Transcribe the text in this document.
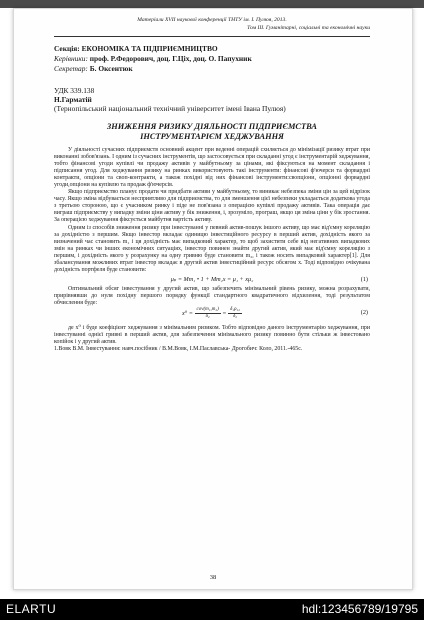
Матеріали XVII наукової конференції ТНТУ ім. І. Пулюя, 2013.
Том ІІІ. Гуманітарні, соціальні та економічні науки
Секція: ЕКОНОМІКА ТА ПІДПРИЄМНИЦТВО
Керівники: проф. Р.Федорович, доц. Г.Ціх, доц. О. Папухник
Секретар: Б. Оксентюк
УДК 339.138
Н.Гарматій
(Тернопільський національний технічний університет імені Івана Пулюя)
ЗНИЖЕННЯ РИЗИКУ ДІЯЛЬНОСТІ ПІДПРИЄМСТВА
ІНСТРУМЕНТАРІЄМ ХЕДЖУВАННЯ

У діяльності сучасних підприємств основний акцент при веденні операцій схиляється до мінімізації ризику втрат при виконанні зобов'язань. І одним із сучасних інструментів, що застосовується при складанні угод є інструментарій хеджування, тобто фінансові угоди купівлі чи продажу активів у майбутньому за цінами, які фіксуються на момент складання і підписання угод. Для хеджування ризику на ринках використовують такі інструменти: фінансові ф'ючерси та форвардні контракти, опціони та своп-контракти, а також похідні від них фінансові інструменти:свопціони, опціонні форвардні угоди,опціони на купівлю та продаж ф'ючерсів.

Якщо підприємство планує продати чи придбати активи у майбутньому, то виникає небезпека зміни цін за цей відрізок часу. Якщо зміна відбувається несприятливо для підприємства, то для зменшення цієї небезпеки укладається додаткова угода з третьою стороною, що є учасником ринку і піде не пов'язана з операцією купівлі продажу активів. Така операція дає виграш підприємству у випадку зміни ціни активу у бік зниження, і, зрозуміло, програш, якщо ця зміна ціни у бік зростання. За операцією хеджування фіксується майбутня вартість активу.

Одним із способів зниження ризику при інвестуванні у певний актив-пошук іншого активу, що має від'ємну кореляцію за дохідністю з першим. Якщо інвестор вкладає одиницю інвестиційного ресурсу в перший актив, дохідність якого за визначений час становить m₁ і ця дохідність має випадковий характер, то щоб захистити себе від негативних випадкових змін на ринках чи інших економічних ситуаціях, інвестор повинен знайти другий актив, який має від'ємну кореляцію з першим, і дохідність якого у розрахунку на одну гривню буде становити m₂, і також носить випадковий характер[1]. Для збалансування можливих втрат інвестор вкладає в другий актив інвестиційний ресурс обсягом x. Тоді відповідно очікувана дохідність портфеля буде становити:

μₚ = Mm₁ • 1 + Mm₂x = μ₁ + xμ₂	(1)

Оптимальний обсяг інвестування у другий актив, що забезпечить мінімальний рівень ризику, можна розрахувати, прирівнявши до нуля похідну першого порядку функції стандартного квадратичного відхилення, тоді результатом обчислення буде:

$x^0 = \frac{\text{cov(m₁,m₂)}}{\text{δ₂}} = \frac{\text{δ₁ρ₁₂}}{\text{δ₂}}$	(2)

де x⁰ і буде коефіцієнт хеджування з мінімальним ризиком. Тобто відповідно даного інструментарію хеджування, при інвестуванні однієї гривні в перший актив, для забезпечення мінімального ризику повинно бути стільки ж інвестовано копійок і у другий актив.

1.Вовк В.М. Інвестування: навч.посібник / В.М.Вовк, І.М.Паславська- Дрогобич: Коло, 2011.-465с.

38
ELARTU	hdl:123456789/19795
